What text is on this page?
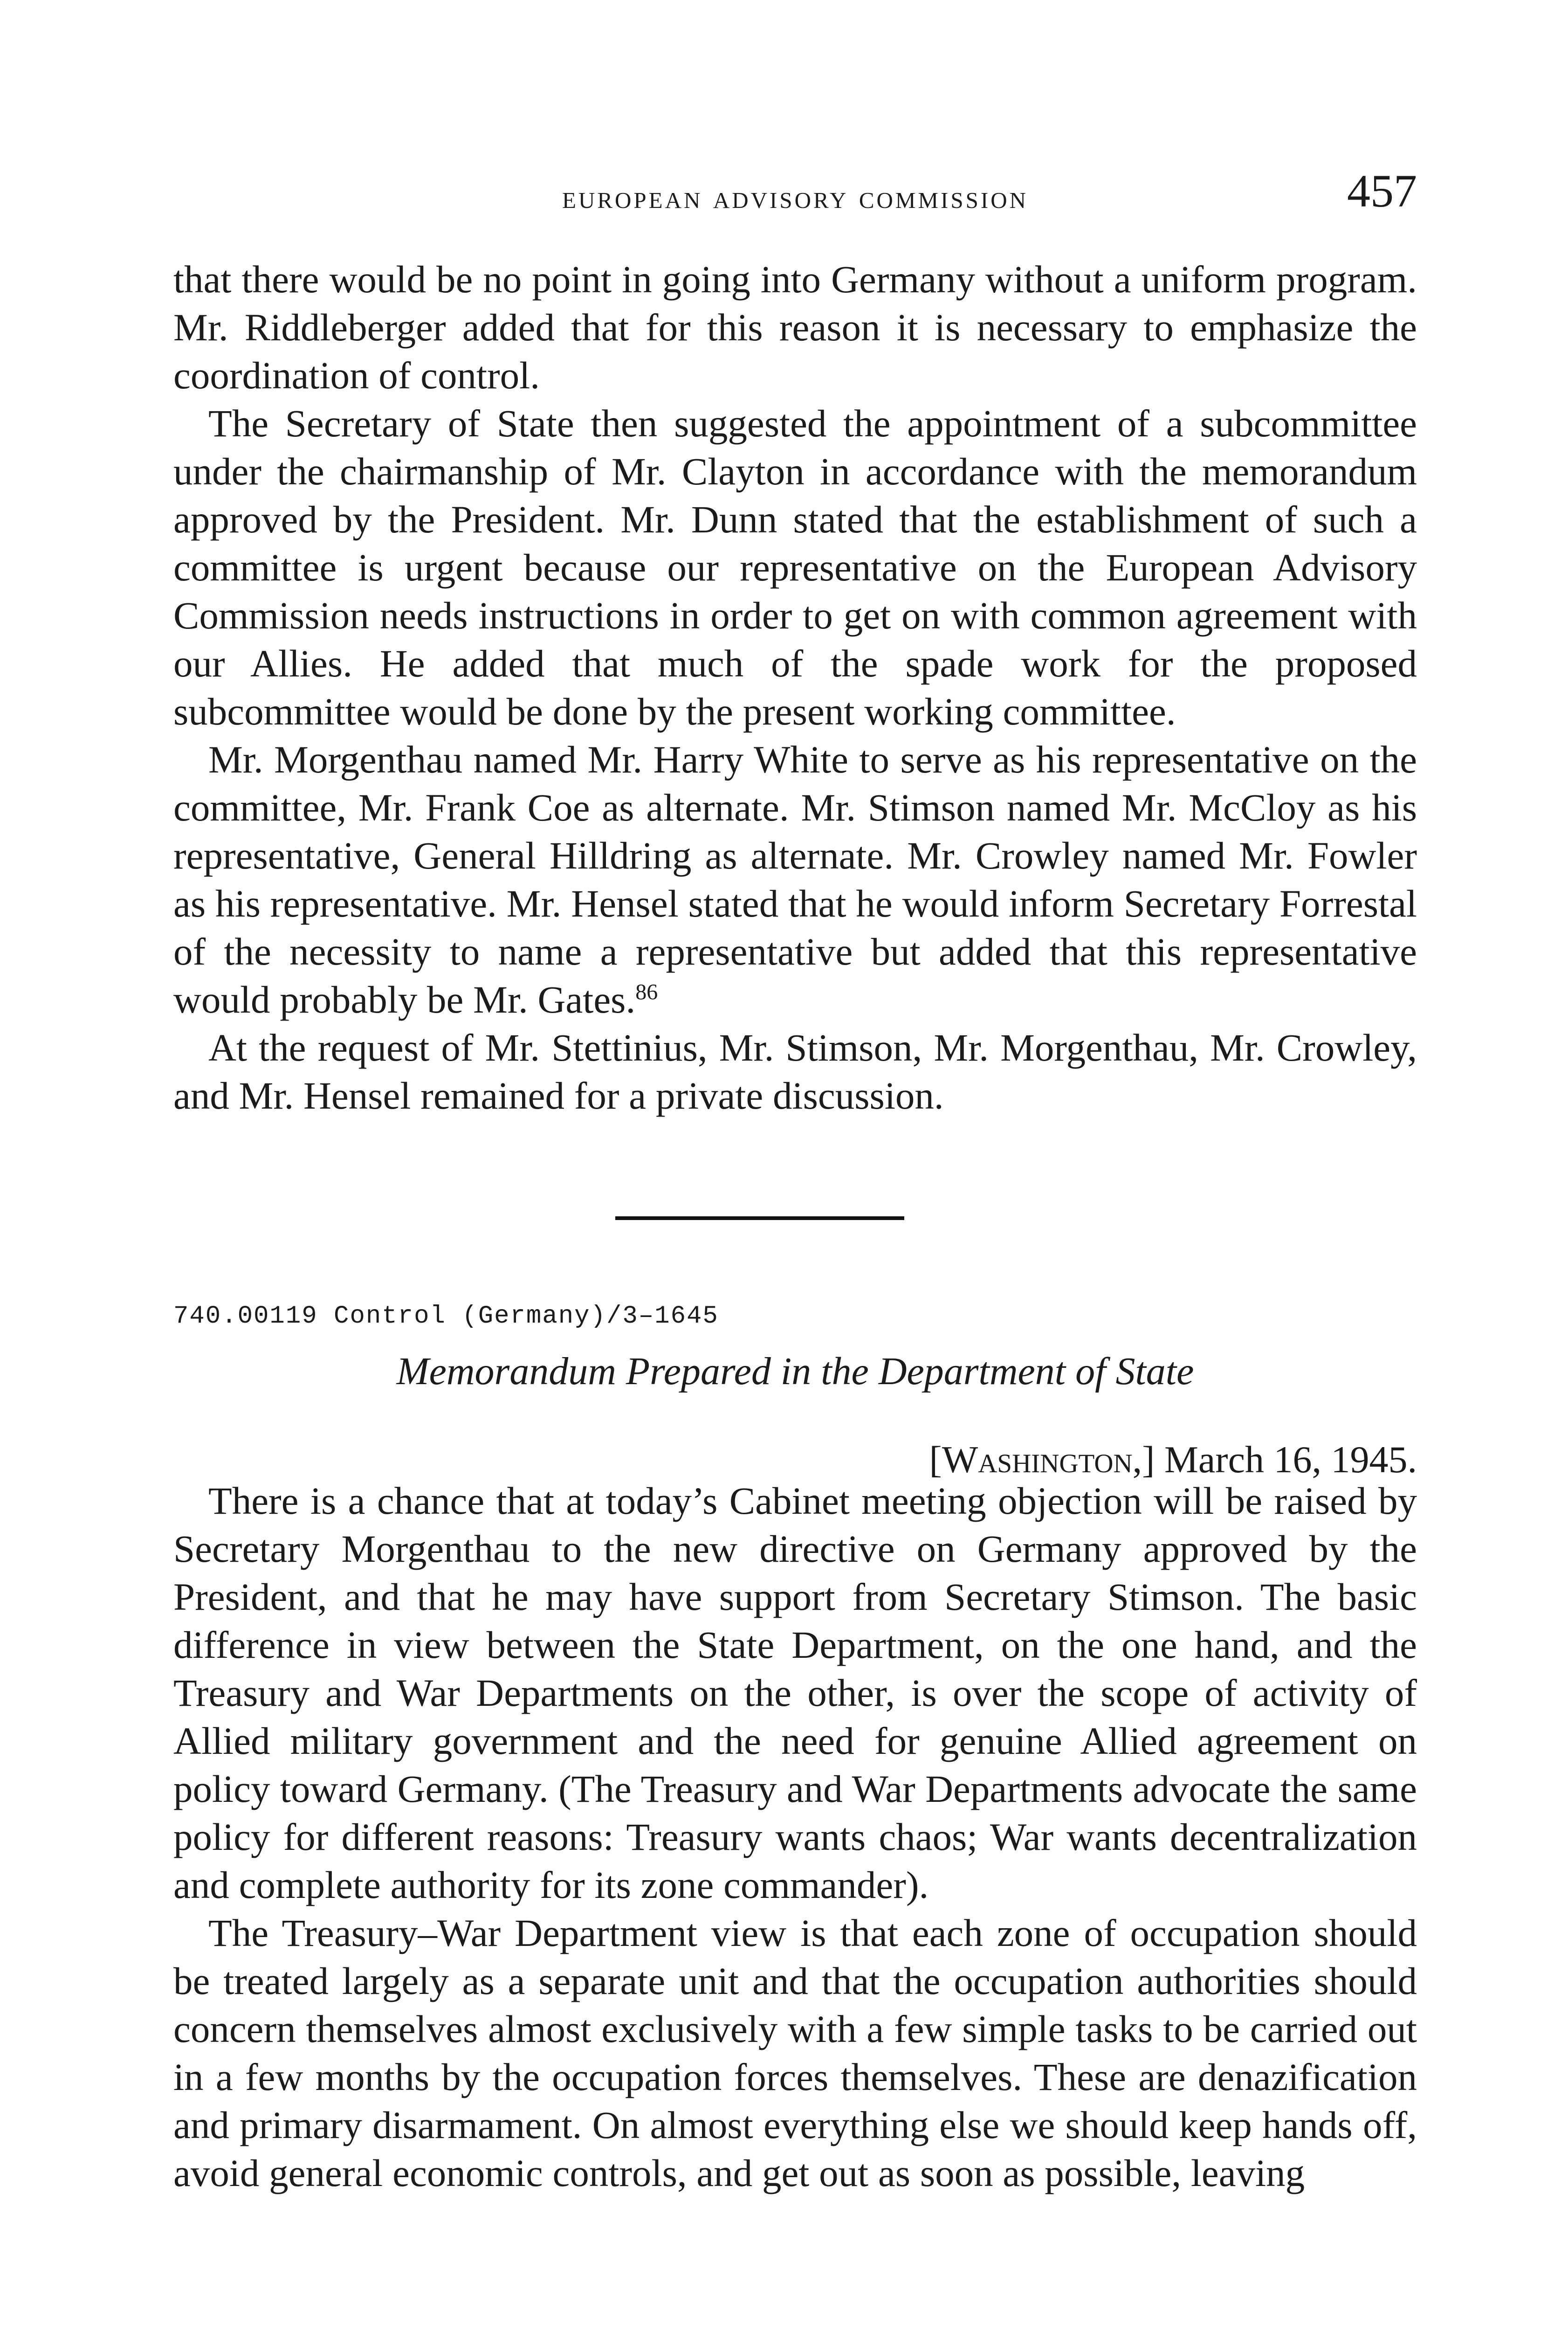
european advisory commission	457

that there would be no point in going into Germany without a uniform program. Mr. Riddleberger added that for this reason it is necessary to emphasize the coordination of control.

The Secretary of State then suggested the appointment of a subcommittee under the chairmanship of Mr. Clayton in accordance with the memorandum approved by the President. Mr. Dunn stated that the establishment of such a committee is urgent because our representative on the European Advisory Commission needs instructions in order to get on with common agreement with our Allies. He added that much of the spade work for the proposed subcommittee would be done by the present working committee.

Mr. Morgenthau named Mr. Harry White to serve as his representative on the committee, Mr. Frank Coe as alternate. Mr. Stimson named Mr. McCloy as his representative, General Hilldring as alternate. Mr. Crowley named Mr. Fowler as his representative. Mr. Hensel stated that he would inform Secretary Forrestal of the necessity to name a representative but added that this representative would probably be Mr. Gates.$^{86}$

At the request of Mr. Stettinius, Mr. Stimson, Mr. Morgenthau, Mr. Crowley, and Mr. Hensel remained for a private discussion.

740.00119 Control (Germany)/3–1645
Memorandum Prepared in the Department of State
[Washington,] March 16, 1945.

There is a chance that at today’s Cabinet meeting objection will be raised by Secretary Morgenthau to the new directive on Germany approved by the President, and that he may have support from Secretary Stimson. The basic difference in view between the State Department, on the one hand, and the Treasury and War Departments on the other, is over the scope of activity of Allied military government and the need for genuine Allied agreement on policy toward Germany. (The Treasury and War Departments advocate the same policy for different reasons: Treasury wants chaos; War wants decentralization and complete authority for its zone commander).

The Treasury–War Department view is that each zone of occupation should be treated largely as a separate unit and that the occupation authorities should concern themselves almost exclusively with a few simple tasks to be carried out in a few months by the occupation forces themselves. These are denazification and primary disarmament. On almost everything else we should keep hands off, avoid general economic controls, and get out as soon as possible, leaving
